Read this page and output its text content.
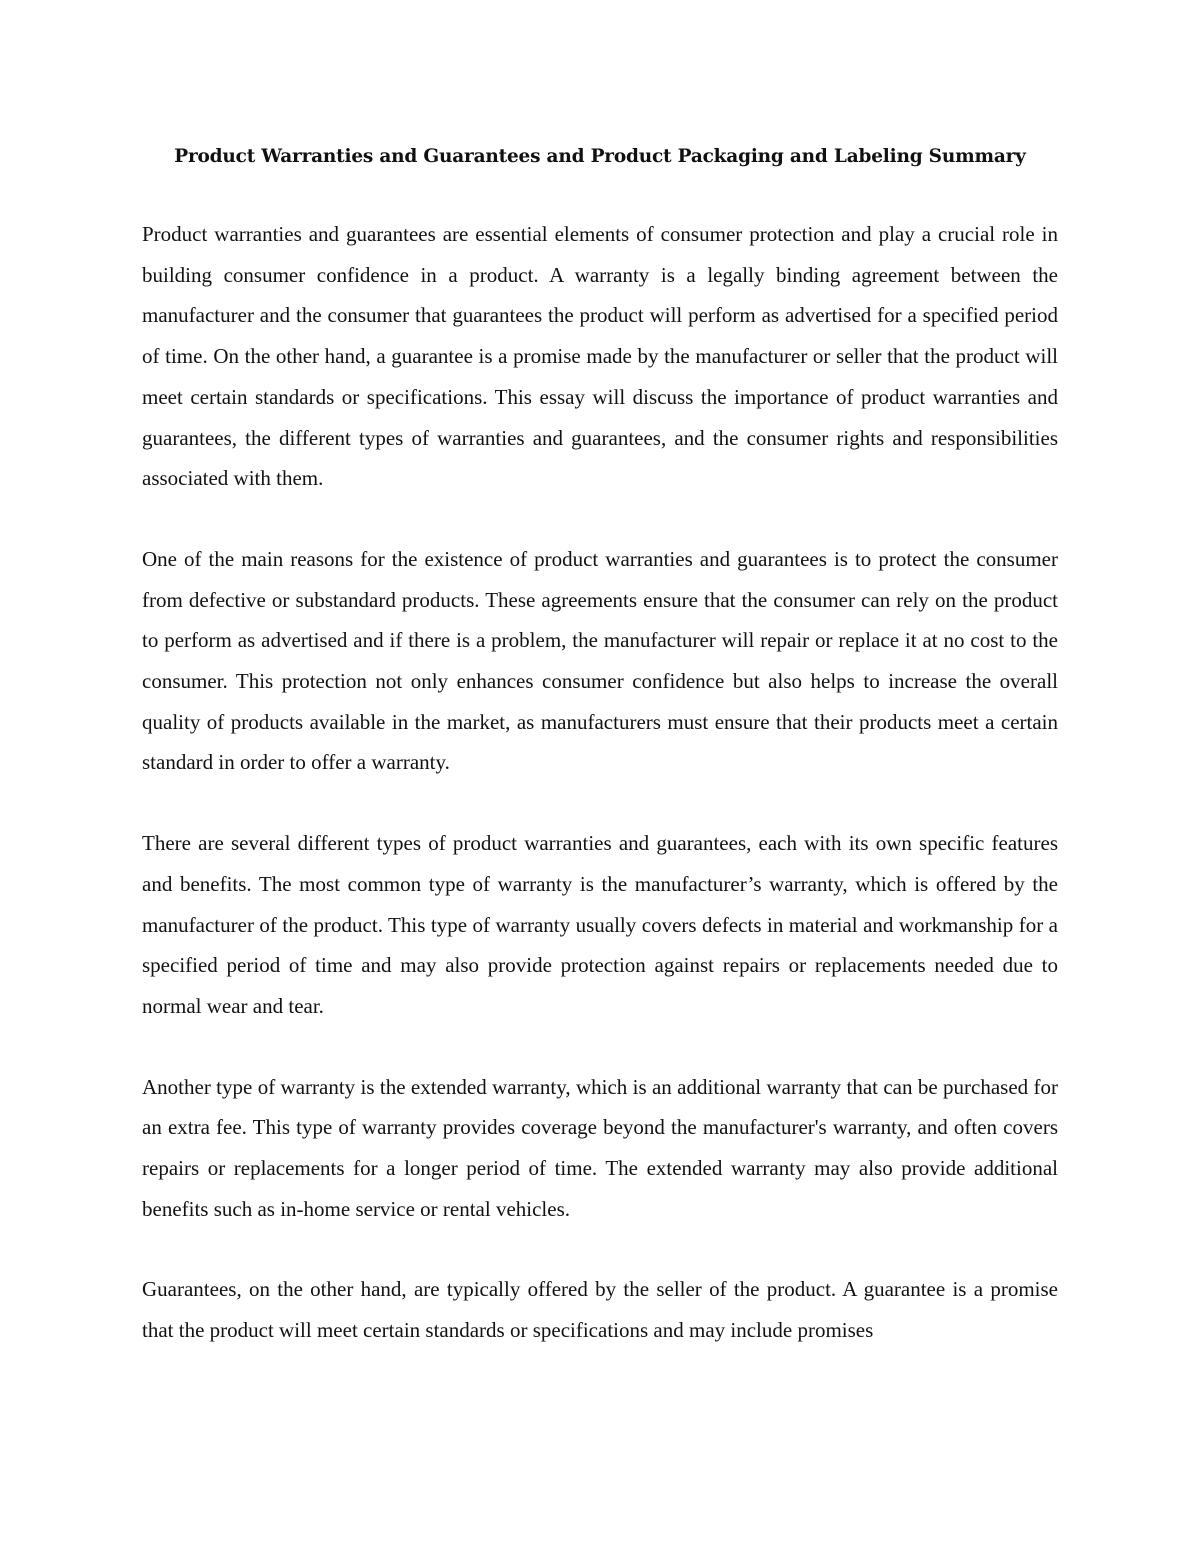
Product Warranties and Guarantees and Product Packaging and Labeling Summary

Product warranties and guarantees are essential elements of consumer protection and play a crucial role in building consumer confidence in a product. A warranty is a legally binding agreement between the manufacturer and the consumer that guarantees the product will perform as advertised for a specified period of time. On the other hand, a guarantee is a promise made by the manufacturer or seller that the product will meet certain standards or specifications. This essay will discuss the importance of product warranties and guarantees, the different types of warranties and guarantees, and the consumer rights and responsibilities associated with them.

One of the main reasons for the existence of product warranties and guarantees is to protect the consumer from defective or substandard products. These agreements ensure that the consumer can rely on the product to perform as advertised and if there is a problem, the manufacturer will repair or replace it at no cost to the consumer. This protection not only enhances consumer confidence but also helps to increase the overall quality of products available in the market, as manufacturers must ensure that their products meet a certain standard in order to offer a warranty.

There are several different types of product warranties and guarantees, each with its own specific features and benefits. The most common type of warranty is the manufacturer’s warranty, which is offered by the manufacturer of the product. This type of warranty usually covers defects in material and workmanship for a specified period of time and may also provide protection against repairs or replacements needed due to normal wear and tear.

Another type of warranty is the extended warranty, which is an additional warranty that can be purchased for an extra fee. This type of warranty provides coverage beyond the manufacturer's warranty, and often covers repairs or replacements for a longer period of time. The extended warranty may also provide additional benefits such as in-home service or rental vehicles.

Guarantees, on the other hand, are typically offered by the seller of the product. A guarantee is a promise that the product will meet certain standards or specifications and may include promises
